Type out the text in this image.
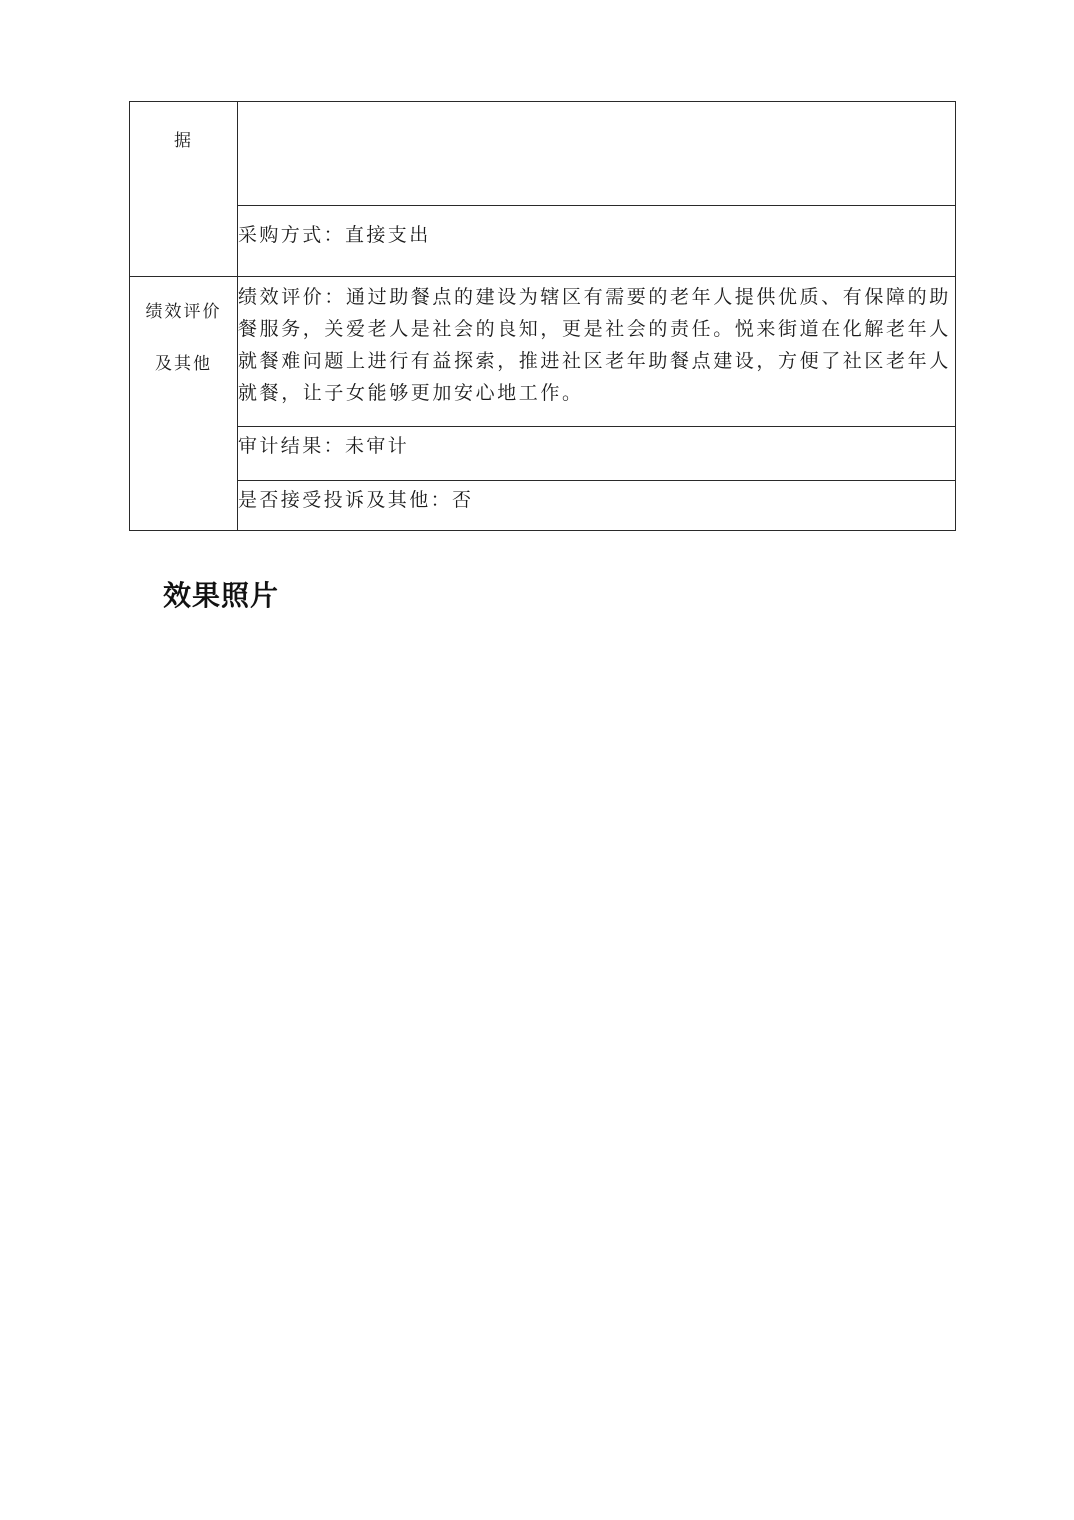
据	
	采购方式：直接支出

绩效评价
及其他	绩效评价：通过助餐点的建设为辖区有需要的老年人提供优质、有保障的助餐服务，关爱老人是社会的良知，更是社会的责任。悦来街道在化解老年人就餐难问题上进行有益探索，推进社区老年助餐点建设，方便了社区老年人就餐，让子女能够更加安心地工作。
	审计结果：未审计
	是否接受投诉及其他：否
效果照片
